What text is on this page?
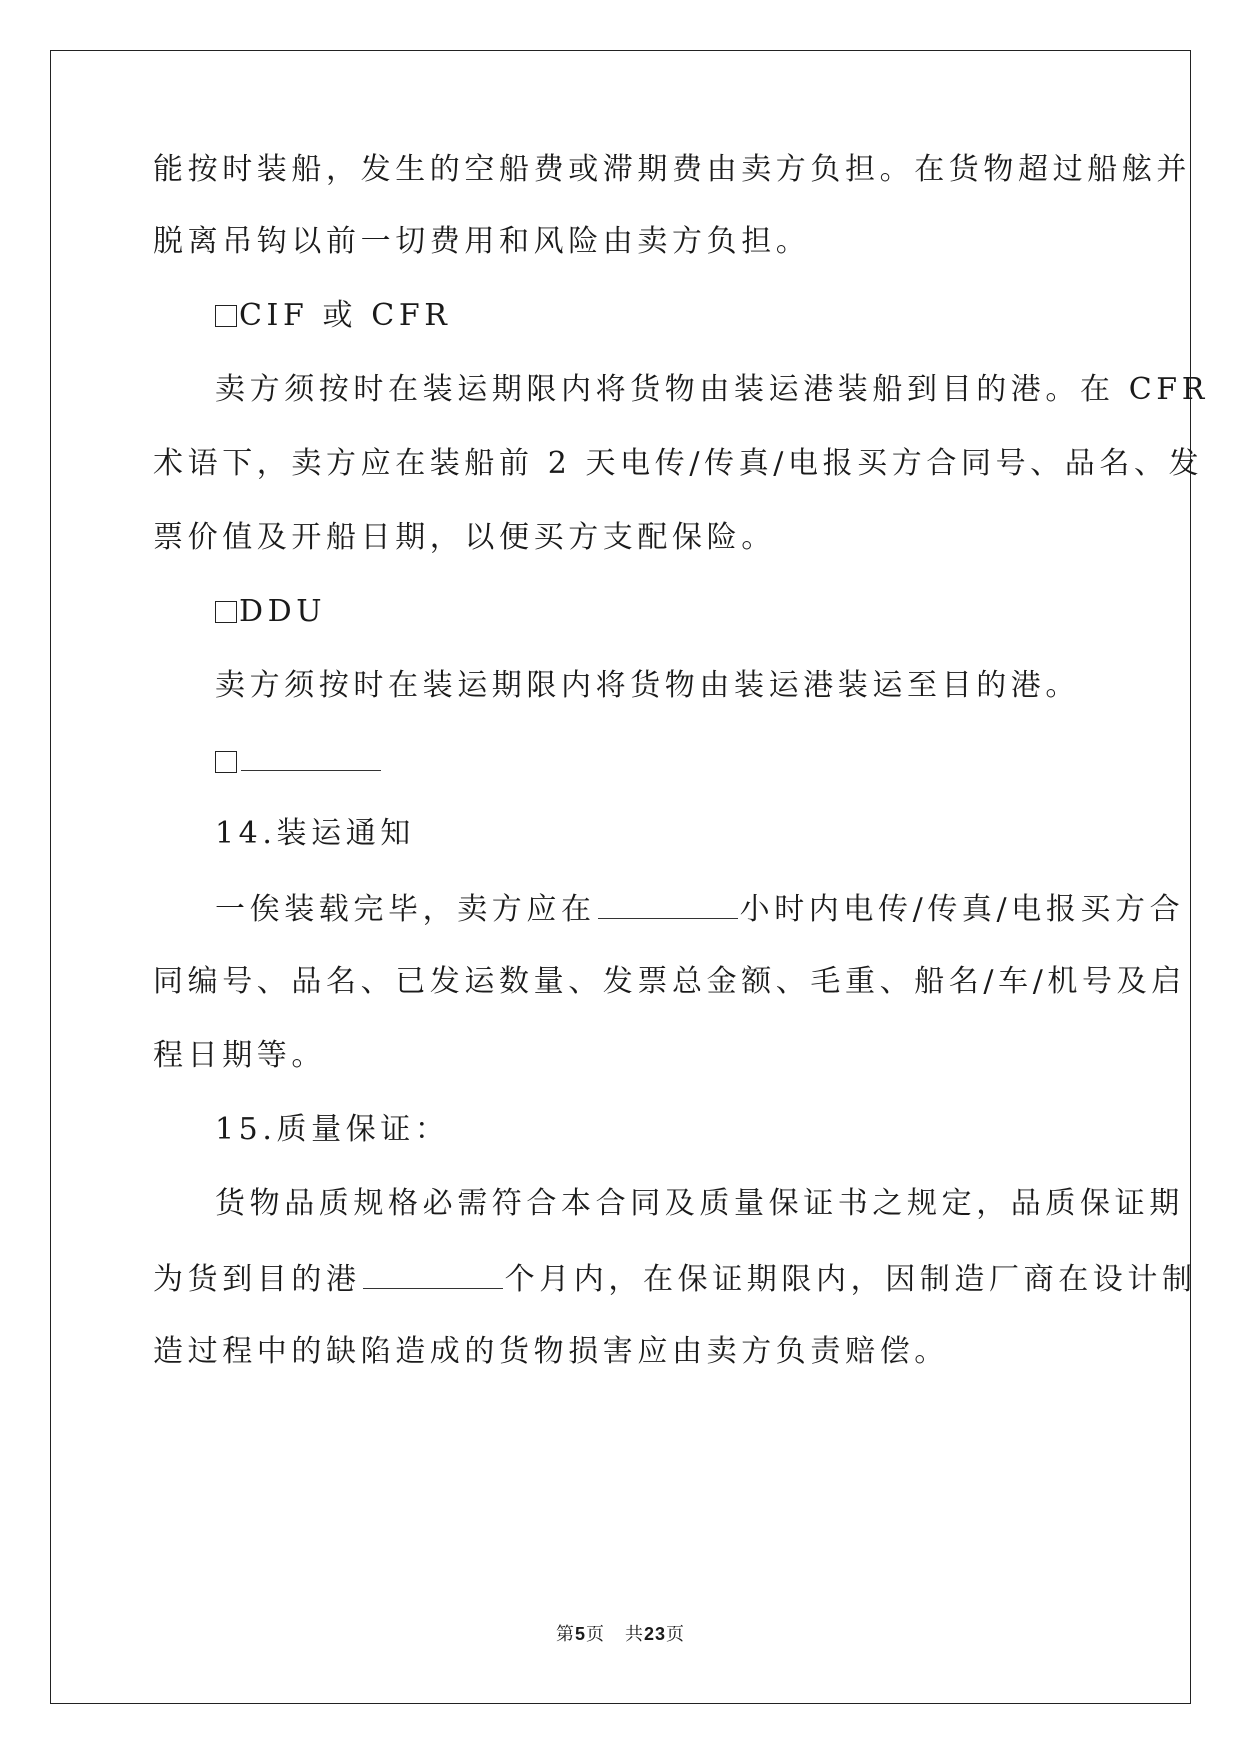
能按时装船，发生的空船费或滞期费由卖方负担。在货物超过船舷并
脱离吊钩以前一切费用和风险由卖方负担。
CIF 或 CFR
卖方须按时在装运期限内将货物由装运港装船到目的港。在 CFR
术语下，卖方应在装船前 2 天电传/传真/电报买方合同号、品名、发
票价值及开船日期，以便买方支配保险。
DDU
卖方须按时在装运期限内将货物由装运港装运至目的港。
14.装运通知
一俟装载完毕，卖方应在	小时内电传/传真/电报买方合
同编号、品名、已发运数量、发票总金额、毛重、船名/车/机号及启
程日期等。
15.质量保证：
货物品质规格必需符合本合同及质量保证书之规定，品质保证期
为货到目的港	个月内，在保证期限内，因制造厂商在设计制
造过程中的缺陷造成的货物损害应由卖方负责赔偿。
第5页 共23页
